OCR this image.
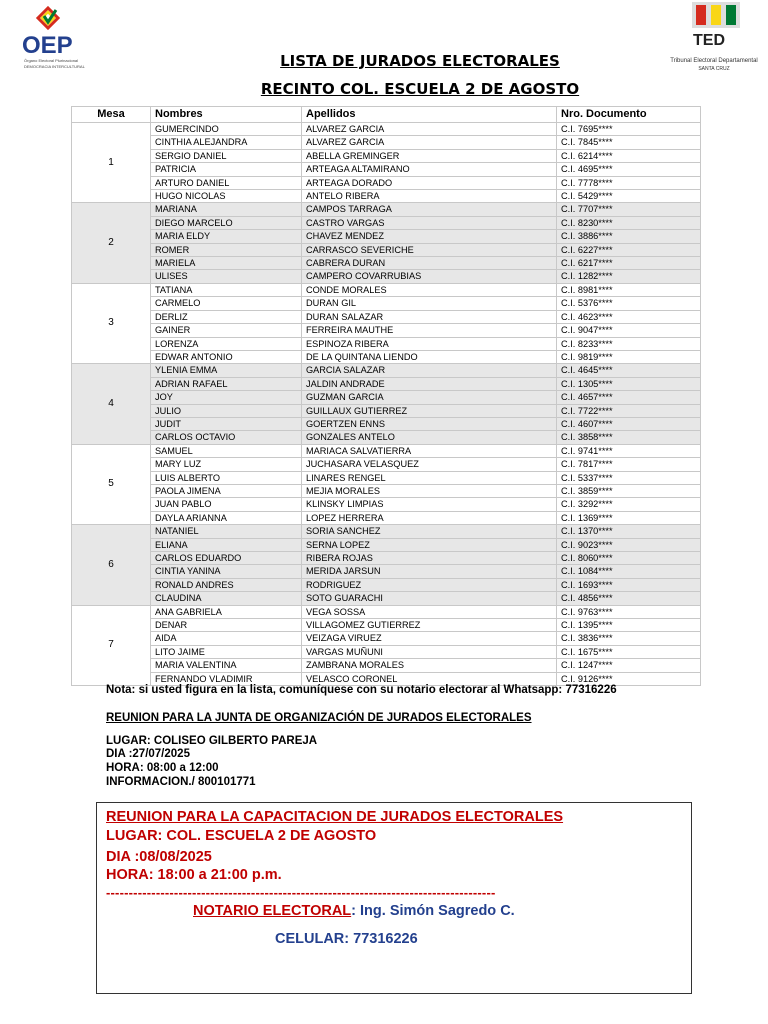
OEP
Órgano Electoral Plurinacional
DEMOCRACIA INTERCULTURAL
TED
Tribunal Electoral Departamental
SANTA CRUZ
LISTA DE JURADOS ELECTORALES
RECINTO COL. ESCUELA 2 DE AGOSTO
Mesa	Nombres	Apellidos	Nro. Documento
1	GUMERCINDO	ALVAREZ GARCIA	C.I. 7695****
	CINTHIA ALEJANDRA	ALVAREZ GARCIA	C.I. 7845****
	SERGIO DANIEL	ABELLA GREMINGER	C.I. 6214****
	PATRICIA	ARTEAGA ALTAMIRANO	C.I. 4695****
	ARTURO DANIEL	ARTEAGA DORADO	C.I. 7778****
	HUGO NICOLAS	ANTELO RIBERA	C.I. 5429****
2	MARIANA	CAMPOS TARRAGA	C.I. 7707****
	DIEGO MARCELO	CASTRO VARGAS	C.I. 8230****
	MARIA ELDY	CHAVEZ MENDEZ	C.I. 3886****
	ROMER	CARRASCO SEVERICHE	C.I. 6227****
	MARIELA	CABRERA DURAN	C.I. 6217****
	ULISES	CAMPERO COVARRUBIAS	C.I. 1282****
3	TATIANA	CONDE MORALES	C.I. 8981****
	CARMELO	DURAN GIL	C.I. 5376****
	DERLIZ	DURAN SALAZAR	C.I. 4623****
	GAINER	FERREIRA MAUTHE	C.I. 9047****
	LORENZA	ESPINOZA RIBERA	C.I. 8233****
	EDWAR ANTONIO	DE LA QUINTANA LIENDO	C.I. 9819****
4	YLENIA EMMA	GARCIA SALAZAR	C.I. 4645****
	ADRIAN RAFAEL	JALDIN ANDRADE	C.I. 1305****
	JOY	GUZMAN GARCIA	C.I. 4657****
	JULIO	GUILLAUX GUTIERREZ	C.I. 7722****
	JUDIT	GOERTZEN ENNS	C.I. 4607****
	CARLOS OCTAVIO	GONZALES ANTELO	C.I. 3858****
5	SAMUEL	MARIACA SALVATIERRA	C.I. 9741****
	MARY LUZ	JUCHASARA VELASQUEZ	C.I. 7817****
	LUIS ALBERTO	LINARES RENGEL	C.I. 5337****
	PAOLA JIMENA	MEJIA MORALES	C.I. 3859****
	JUAN PABLO	KLINSKY LIMPIAS	C.I. 3292****
	DAYLA ARIANNA	LOPEZ HERRERA	C.I. 1369****
6	NATANIEL	SORIA SANCHEZ	C.I. 1370****
	ELIANA	SERNA LOPEZ	C.I. 9023****
	CARLOS EDUARDO	RIBERA ROJAS	C.I. 8060****
	CINTIA YANINA	MERIDA JARSUN	C.I. 1084****
	RONALD ANDRES	RODRIGUEZ	C.I. 1693****
	CLAUDINA	SOTO GUARACHI	C.I. 4856****
7	ANA GABRIELA	VEGA SOSSA	C.I. 9763****
	DENAR	VILLAGOMEZ GUTIERREZ	C.I. 1395****
	AIDA	VEIZAGA VIRUEZ	C.I. 3836****
	LITO JAIME	VARGAS MUÑUNI	C.I. 1675****
	MARIA VALENTINA	ZAMBRANA MORALES	C.I. 1247****
	FERNANDO VLADIMIR	VELASCO CORONEL	C.I. 9126****
Nota: si usted figura en la lista, comuníquese con su notario electorar al Whatsapp: 77316226
REUNION PARA LA JUNTA DE ORGANIZACIÓN DE JURADOS ELECTORALES
LUGAR: COLISEO GILBERTO PAREJA
DIA :27/07/2025
HORA: 08:00 a 12:00
INFORMACION./ 800101771
REUNION PARA LA CAPACITACION DE JURADOS ELECTORALES
LUGAR: COL. ESCUELA 2 DE AGOSTO
DIA :08/08/2025
HORA: 18:00 a 21:00 p.m.
--------------------------------------------------------------------------------------
NOTARIO ELECTORAL: Ing. Simón Sagredo C.
CELULAR: 77316226
